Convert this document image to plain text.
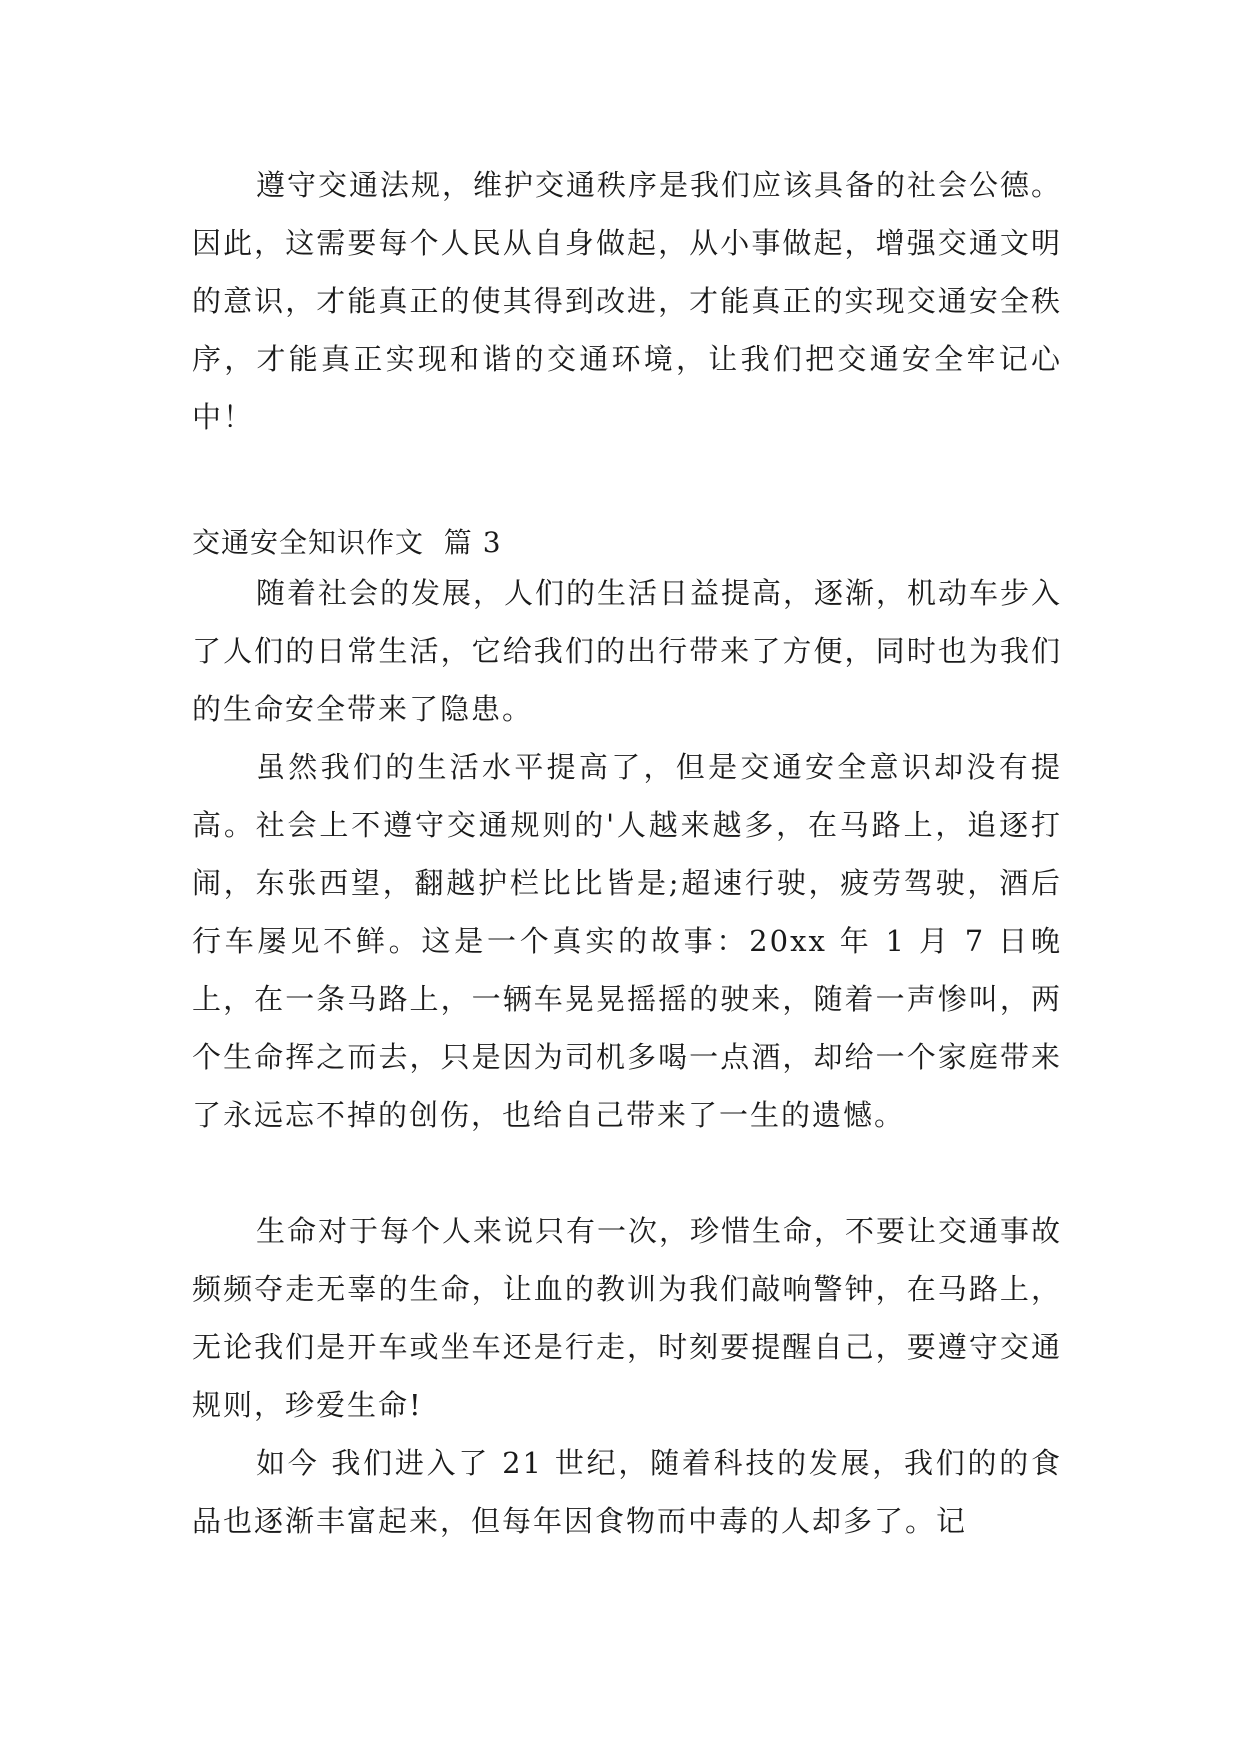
遵守交通法规，维护交通秩序是我们应该具备的社会公德。因此，这需要每个人民从自身做起，从小事做起，增强交通文明的意识，才能真正的使其得到改进，才能真正的实现交通安全秩序，才能真正实现和谐的交通环境，让我们把交通安全牢记心中！

交通安全知识作文  篇 3

随着社会的发展，人们的生活日益提高，逐渐，机动车步入了人们的日常生活，它给我们的出行带来了方便，同时也为我们的生命安全带来了隐患。

虽然我们的生活水平提高了，但是交通安全意识却没有提高。社会上不遵守交通规则的'人越来越多，在马路上，追逐打闹，东张西望，翻越护栏比比皆是;超速行驶，疲劳驾驶，酒后行车屡见不鲜。这是一个真实的故事：20xx 年 1 月 7 日晚上，在一条马路上，一辆车晃晃摇摇的驶来，随着一声惨叫，两个生命挥之而去，只是因为司机多喝一点酒，却给一个家庭带来了永远忘不掉的创伤，也给自己带来了一生的遗憾。

生命对于每个人来说只有一次，珍惜生命，不要让交通事故频频夺走无辜的生命，让血的教训为我们敲响警钟，在马路上，无论我们是开车或坐车还是行走，时刻要提醒自己，要遵守交通规则，珍爱生命!

如今 我们进入了 21 世纪，随着科技的发展，我们的的食品也逐渐丰富起来，但每年因食物而中毒的人却多了。记
